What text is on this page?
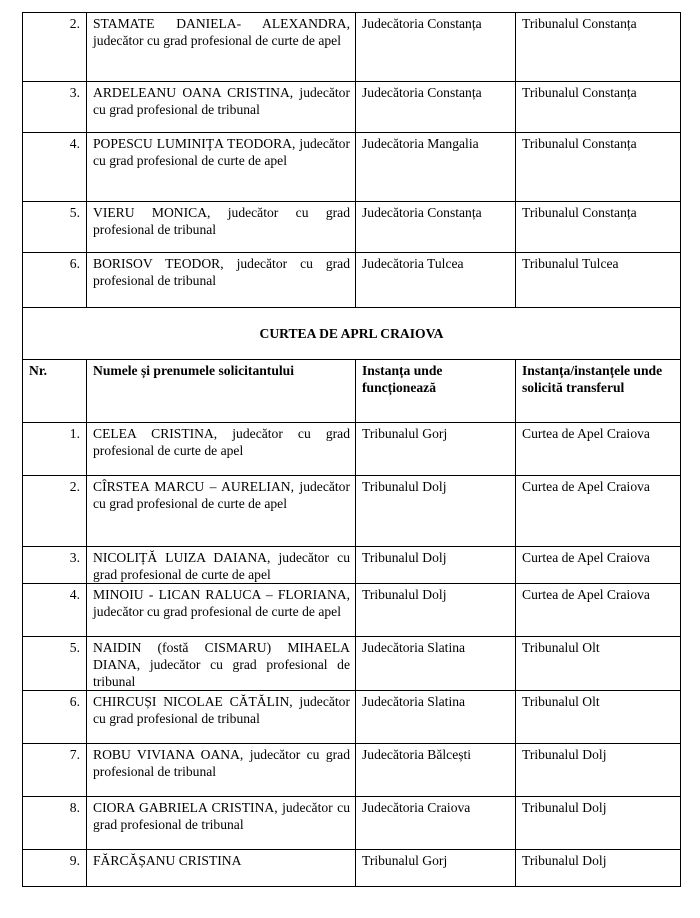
2.	STAMATE DANIELA- ALEXANDRA, judecător cu grad profesional de curte de apel	Judecătoria Constanța	Tribunalul Constanța
3.	ARDELEANU OANA CRISTINA, judecător cu grad profesional de tribunal	Judecătoria Constanța	Tribunalul Constanța
4.	POPESCU LUMINIȚA TEODORA, judecător cu grad profesional de curte de apel	Judecătoria Mangalia	Tribunalul Constanța
5.	VIERU MONICA, judecător cu grad profesional de tribunal	Judecătoria Constanța	Tribunalul Constanța
6.	BORISOV TEODOR, judecător cu grad profesional de tribunal	Judecătoria Tulcea	Tribunalul Tulcea
CURTEA DE APRL CRAIOVA			
Nr.	Numele și prenumele solicitantului	Instanța unde funcționează	Instanța/instanțele unde solicită transferul
1.	CELEA CRISTINA, judecător cu grad profesional de curte de apel	Tribunalul Gorj	Curtea de Apel Craiova
2.	CÎRSTEA MARCU – AURELIAN, judecător cu grad profesional de curte de apel	Tribunalul Dolj	Curtea de Apel Craiova
3.	NICOLIȚĂ LUIZA DAIANA, judecător cu grad profesional de curte de apel	Tribunalul Dolj	Curtea de Apel Craiova
4.	MINOIU - LICAN RALUCA – FLORIANA, judecător cu grad profesional de curte de apel	Tribunalul Dolj	Curtea de Apel Craiova
5.	NAIDIN (fostă CISMARU) MIHAELA DIANA, judecător cu grad profesional de tribunal	Judecătoria Slatina	Tribunalul Olt
6.	CHIRCUȘI NICOLAE CĂTĂLIN, judecător cu grad profesional de tribunal	Judecătoria Slatina	Tribunalul Olt
7.	ROBU VIVIANA OANA, judecător cu grad profesional de tribunal	Judecătoria Bălcești	Tribunalul Dolj
8.	CIORA GABRIELA CRISTINA, judecător cu grad profesional de tribunal	Judecătoria Craiova	Tribunalul Dolj
9.	FĂRCĂȘANU CRISTINA	Tribunalul Gorj	Tribunalul Dolj
